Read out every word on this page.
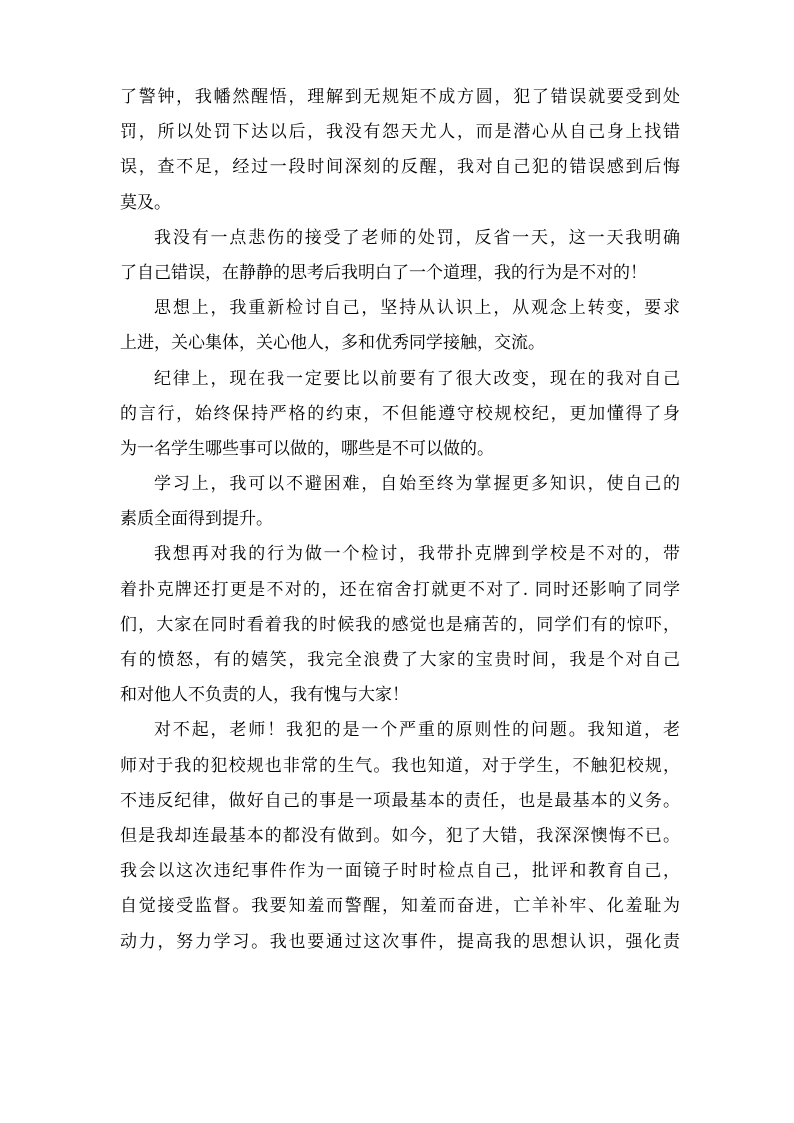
了警钟，我幡然醒悟，理解到无规矩不成方圆，犯了错误就要受到处
罚，所以处罚下达以后，我没有怨天尤人，而是潜心从自己身上找错
误，查不足，经过一段时间深刻的反醒，我对自己犯的错误感到后悔
莫及。
我没有一点悲伤的接受了老师的处罚，反省一天，这一天我明确
了自己错误，在静静的思考后我明白了一个道理，我的行为是不对的！
思想上，我重新检讨自己，坚持从认识上，从观念上转变，要求
上进，关心集体，关心他人，多和优秀同学接触，交流。
纪律上，现在我一定要比以前要有了很大改变，现在的我对自己
的言行，始终保持严格的约束，不但能遵守校规校纪，更加懂得了身
为一名学生哪些事可以做的，哪些是不可以做的。
学习上，我可以不避困难，自始至终为掌握更多知识，使自己的
素质全面得到提升。
我想再对我的行为做一个检讨，我带扑克牌到学校是不对的，带
着扑克牌还打更是不对的，还在宿舍打就更不对了. 同时还影响了同学
们，大家在同时看着我的时候我的感觉也是痛苦的，同学们有的惊吓，
有的愤怒，有的嬉笑，我完全浪费了大家的宝贵时间，我是个对自己
和对他人不负责的人，我有愧与大家！
对不起，老师！我犯的是一个严重的原则性的问题。我知道，老
师对于我的犯校规也非常的生气。我也知道，对于学生，不触犯校规，
不违反纪律，做好自己的事是一项最基本的责任，也是最基本的义务。
但是我却连最基本的都没有做到。如今，犯了大错，我深深懊悔不已。
我会以这次违纪事件作为一面镜子时时检点自己，批评和教育自己，
自觉接受监督。我要知羞而警醒，知羞而奋进，亡羊补牢、化羞耻为
动力，努力学习。我也要通过这次事件，提高我的思想认识，强化责
